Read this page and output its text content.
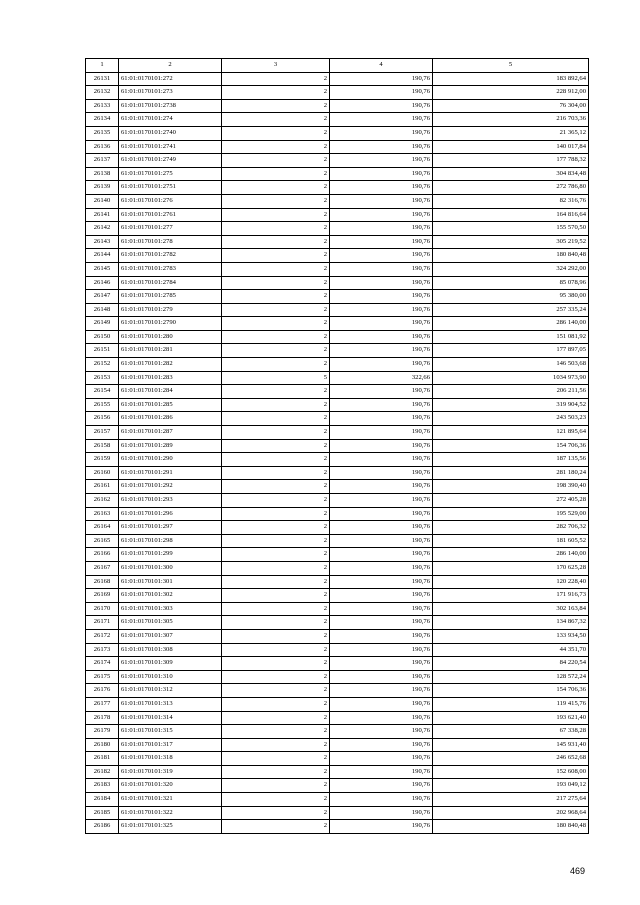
1	2	3	4	5
26131	61:01:0170101:272	2	190,76	183 892,64
26132	61:01:0170101:273	2	190,76	228 912,00
26133	61:01:0170101:2738	2	190,76	76 304,00
26134	61:01:0170101:274	2	190,76	216 703,36
26135	61:01:0170101:2740	2	190,76	21 365,12
26136	61:01:0170101:2741	2	190,76	140 017,84
26137	61:01:0170101:2749	2	190,76	177 788,32
26138	61:01:0170101:275	2	190,76	304 834,48
26139	61:01:0170101:2751	2	190,76	272 786,80
26140	61:01:0170101:276	2	190,76	82 316,76
26141	61:01:0170101:2761	2	190,76	164 816,64
26142	61:01:0170101:277	2	190,76	155 570,50
26143	61:01:0170101:278	2	190,76	305 219,52
26144	61:01:0170101:2782	2	190,76	180 840,48
26145	61:01:0170101:2783	2	190,76	324 292,00
26146	61:01:0170101:2784	2	190,76	85 078,96
26147	61:01:0170101:2785	2	190,76	95 380,00
26148	61:01:0170101:279	2	190,76	257 335,24
26149	61:01:0170101:2790	2	190,76	286 140,00
26150	61:01:0170101:280	2	190,76	151 081,92
26151	61:01:0170101:281	2	190,76	177 897,05
26152	61:01:0170101:282	2	190,76	146 503,68
26153	61:01:0170101:283	5	322,66	1034 973,90
26154	61:01:0170101:284	2	190,76	206 211,56
26155	61:01:0170101:285	2	190,76	319 904,52
26156	61:01:0170101:286	2	190,76	243 503,23
26157	61:01:0170101:287	2	190,76	121 895,64
26158	61:01:0170101:289	2	190,76	154 706,36
26159	61:01:0170101:290	2	190,76	187 135,56
26160	61:01:0170101:291	2	190,76	281 180,24
26161	61:01:0170101:292	2	190,76	198 390,40
26162	61:01:0170101:293	2	190,76	272 405,28
26163	61:01:0170101:296	2	190,76	195 529,00
26164	61:01:0170101:297	2	190,76	282 706,32
26165	61:01:0170101:298	2	190,76	181 605,52
26166	61:01:0170101:299	2	190,76	286 140,00
26167	61:01:0170101:300	2	190,76	170 625,28
26168	61:01:0170101:301	2	190,76	120 228,40
26169	61:01:0170101:302	2	190,76	171 916,73
26170	61:01:0170101:303	2	190,76	302 163,84
26171	61:01:0170101:305	2	190,76	134 867,32
26172	61:01:0170101:307	2	190,76	133 934,50
26173	61:01:0170101:308	2	190,76	44 351,70
26174	61:01:0170101:309	2	190,76	84 220,54
26175	61:01:0170101:310	2	190,76	128 572,24
26176	61:01:0170101:312	2	190,76	154 706,36
26177	61:01:0170101:313	2	190,76	119 415,76
26178	61:01:0170101:314	2	190,76	193 621,40
26179	61:01:0170101:315	2	190,76	67 338,28
26180	61:01:0170101:317	2	190,76	145 931,40
26181	61:01:0170101:318	2	190,76	246 652,68
26182	61:01:0170101:319	2	190,76	152 608,00
26183	61:01:0170101:320	2	190,76	193 049,12
26184	61:01:0170101:321	2	190,76	217 275,64
26185	61:01:0170101:322	2	190,76	202 968,64
26186	61:01:0170101:325	2	190,76	180 840,48
469
